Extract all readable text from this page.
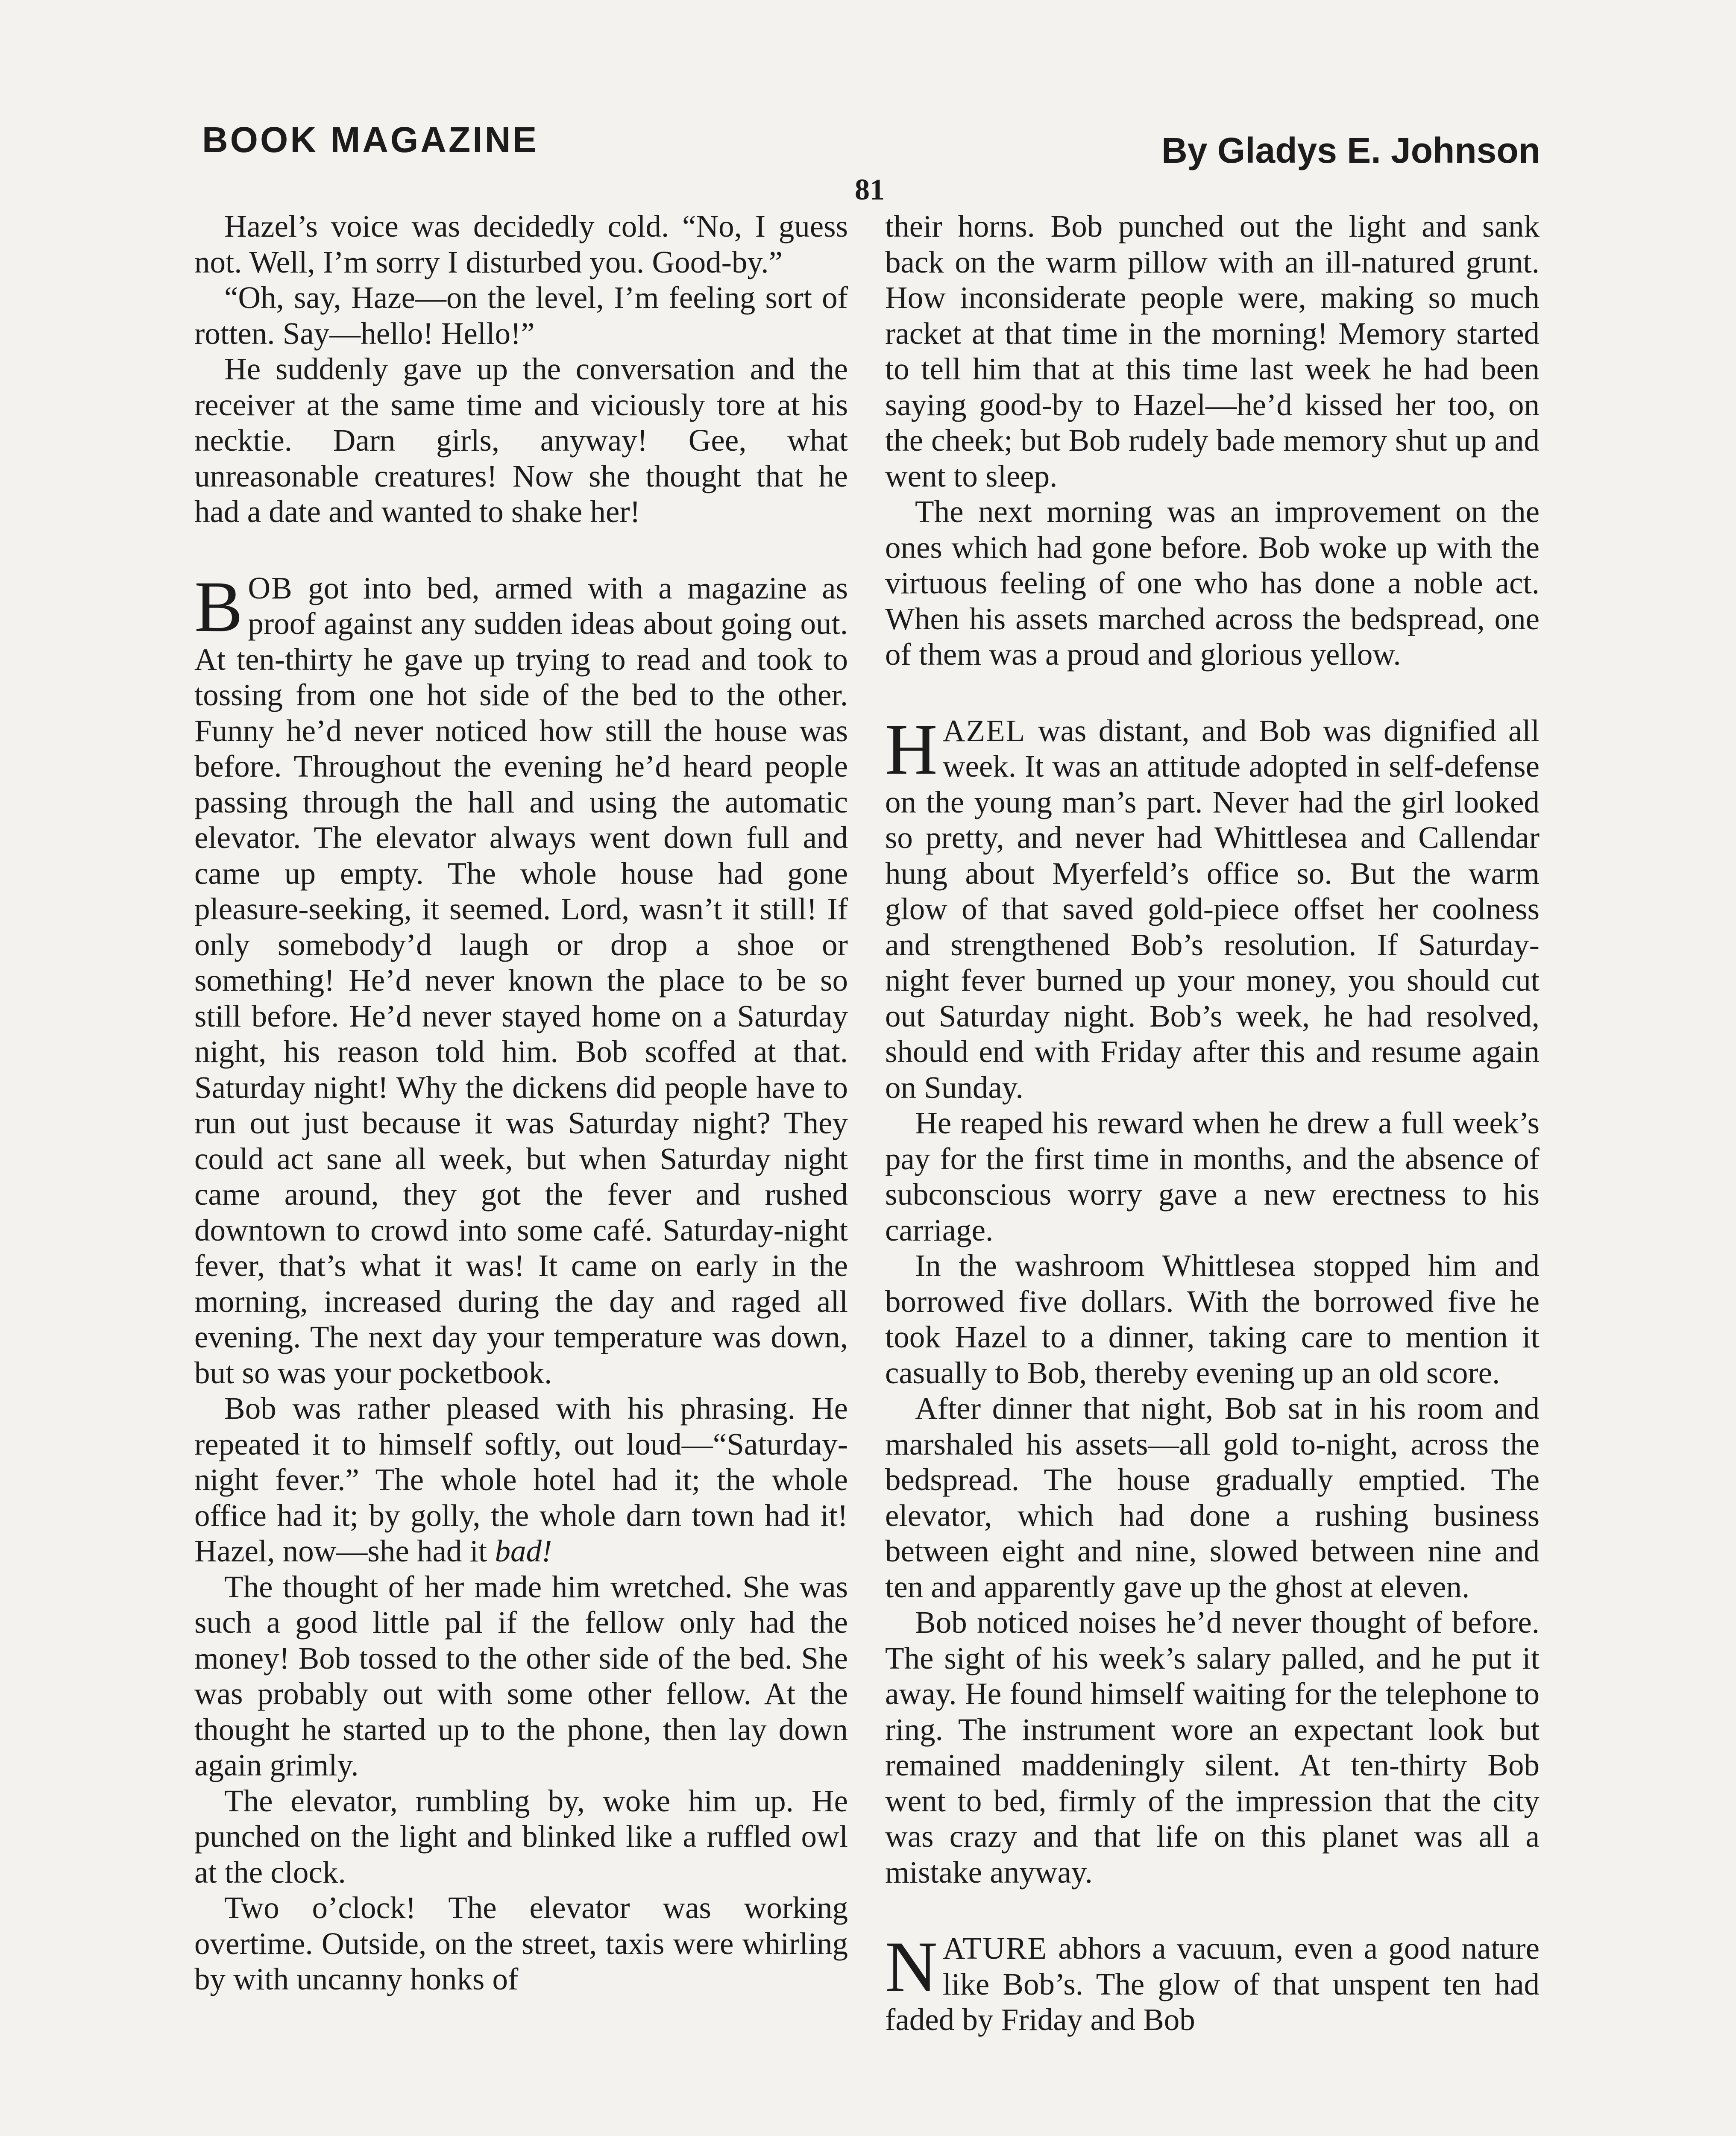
BOOK MAGAZINE	By Gladys E. Johnson
81

Hazel’s voice was decidedly cold. “No, I guess not. Well, I’m sorry I disturbed you. Good-by.”

“Oh, say, Haze—on the level, I’m feeling sort of rotten. Say—hello! Hello!”

He suddenly gave up the conversation and the receiver at the same time and viciously tore at his necktie. Darn girls, anyway! Gee, what unreasonable creatures! Now she thought that he had a date and wanted to shake her!

BOB got into bed, armed with a magazine as proof against any sudden ideas about going out. At ten-thirty he gave up trying to read and took to tossing from one hot side of the bed to the other. Funny he’d never noticed how still the house was before. Throughout the evening he’d heard people passing through the hall and using the automatic elevator. The elevator always went down full and came up empty. The whole house had gone pleasure-seeking, it seemed. Lord, wasn’t it still! If only somebody’d laugh or drop a shoe or something! He’d never known the place to be so still before. He’d never stayed home on a Saturday night, his reason told him. Bob scoffed at that. Saturday night! Why the dickens did people have to run out just because it was Saturday night? They could act sane all week, but when Saturday night came around, they got the fever and rushed downtown to crowd into some café. Saturday-night fever, that’s what it was! It came on early in the morning, increased during the day and raged all evening. The next day your temperature was down, but so was your pocketbook.

Bob was rather pleased with his phrasing. He repeated it to himself softly, out loud—“Saturday-night fever.” The whole hotel had it; the whole office had it; by golly, the whole darn town had it! Hazel, now—she had it bad!

The thought of her made him wretched. She was such a good little pal if the fellow only had the money! Bob tossed to the other side of the bed. She was probably out with some other fellow. At the thought he started up to the phone, then lay down again grimly.

The elevator, rumbling by, woke him up. He punched on the light and blinked like a ruffled owl at the clock.

Two o’clock! The elevator was working overtime. Outside, on the street, taxis were whirling by with uncanny honks of

their horns. Bob punched out the light and sank back on the warm pillow with an ill-natured grunt. How inconsiderate people were, making so much racket at that time in the morning! Memory started to tell him that at this time last week he had been saying good-by to Hazel—he’d kissed her too, on the cheek; but Bob rudely bade memory shut up and went to sleep.

The next morning was an improvement on the ones which had gone before. Bob woke up with the virtuous feeling of one who has done a noble act. When his assets marched across the bedspread, one of them was a proud and glorious yellow.

HAZEL was distant, and Bob was dignified all week. It was an attitude adopted in self-defense on the young man’s part. Never had the girl looked so pretty, and never had Whittlesea and Callendar hung about Myerfeld’s office so. But the warm glow of that saved gold-piece offset her coolness and strengthened Bob’s resolution. If Saturday-night fever burned up your money, you should cut out Saturday night. Bob’s week, he had resolved, should end with Friday after this and resume again on Sunday.

He reaped his reward when he drew a full week’s pay for the first time in months, and the absence of subconscious worry gave a new erectness to his carriage.

In the washroom Whittlesea stopped him and borrowed five dollars. With the borrowed five he took Hazel to a dinner, taking care to mention it casually to Bob, thereby evening up an old score.

After dinner that night, Bob sat in his room and marshaled his assets—all gold to-night, across the bedspread. The house gradually emptied. The elevator, which had done a rushing business between eight and nine, slowed between nine and ten and apparently gave up the ghost at eleven.

Bob noticed noises he’d never thought of before. The sight of his week’s salary palled, and he put it away. He found himself waiting for the telephone to ring. The instrument wore an expectant look but remained maddeningly silent. At ten-thirty Bob went to bed, firmly of the impression that the city was crazy and that life on this planet was all a mistake anyway.

NATURE abhors a vacuum, even a good nature like Bob’s. The glow of that unspent ten had faded by Friday and Bob
